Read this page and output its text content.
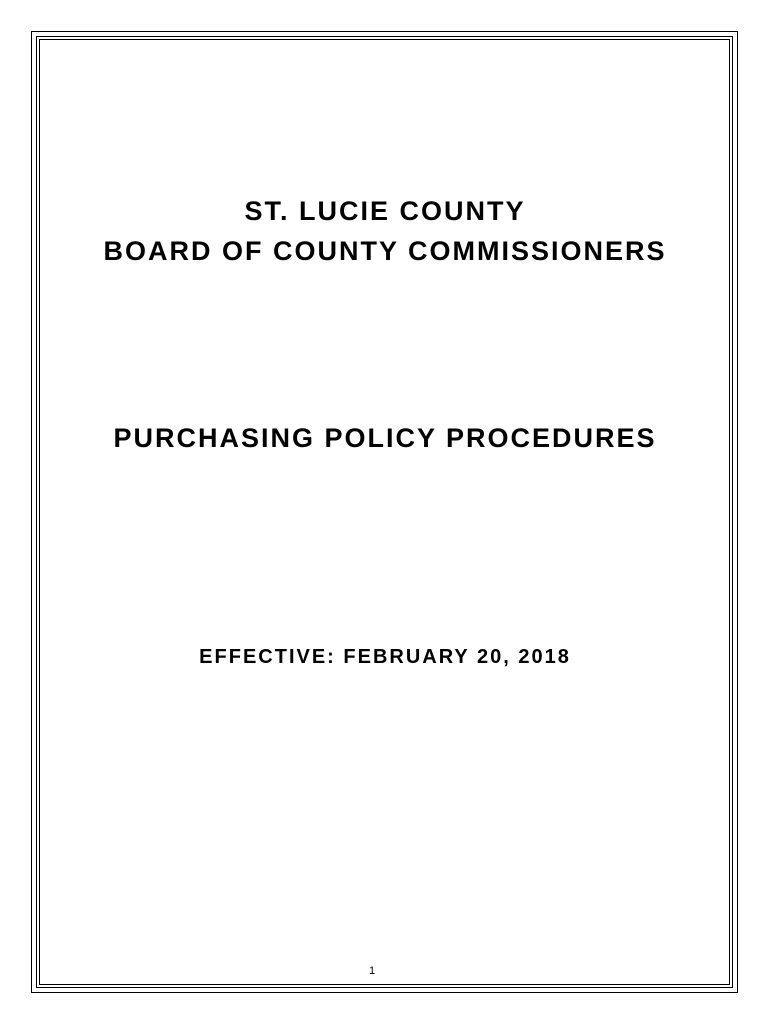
ST. LUCIE COUNTY
BOARD OF COUNTY COMMISSIONERS
PURCHASING POLICY PROCEDURES
EFFECTIVE: FEBRUARY 20, 2018
1
